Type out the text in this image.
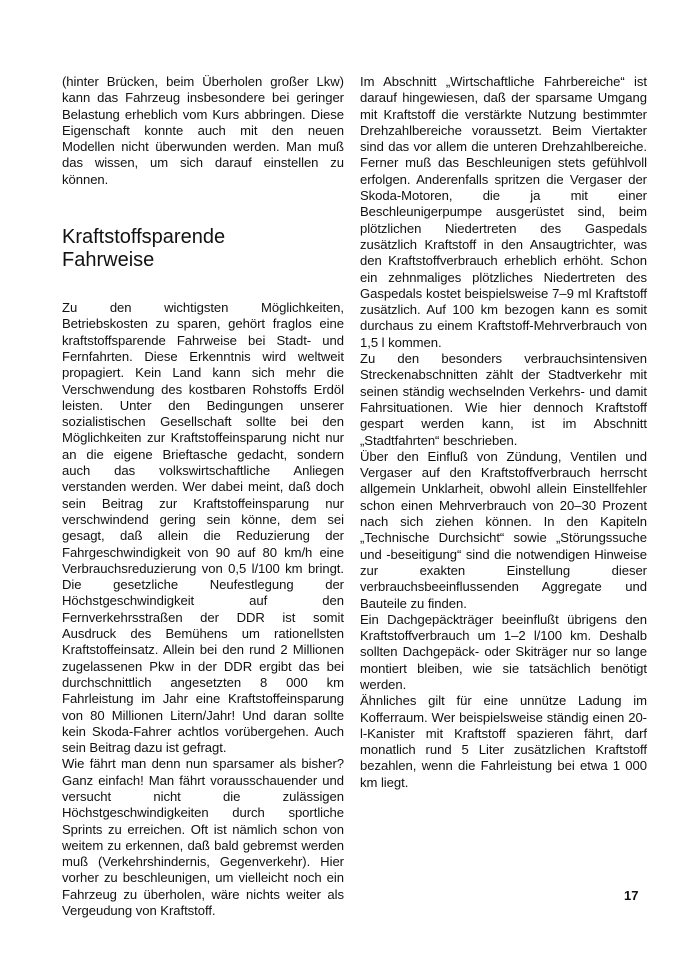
(hinter Brücken, beim Überholen großer Lkw) kann das Fahrzeug insbesondere bei geringer Belastung erheblich vom Kurs abbringen. Diese Eigenschaft konnte auch mit den neuen Modellen nicht überwunden werden. Man muß das wissen, um sich darauf einstellen zu können.

Kraftstoffsparende
Fahrweise

Zu den wichtigsten Möglichkeiten, Betriebskosten zu sparen, gehört fraglos eine kraftstoffsparende Fahrweise bei Stadt- und Fernfahrten. Diese Erkenntnis wird weltweit propagiert. Kein Land kann sich mehr die Verschwendung des kostbaren Rohstoffs Erdöl leisten. Unter den Bedingungen unserer sozialistischen Gesellschaft sollte bei den Möglichkeiten zur Kraftstoffeinsparung nicht nur an die eigene Brieftasche gedacht, sondern auch das volkswirtschaftliche Anliegen verstanden werden. Wer dabei meint, daß doch sein Beitrag zur Kraftstoffeinsparung nur verschwindend gering sein könne, dem sei gesagt, daß allein die Reduzierung der Fahrgeschwindigkeit von 90 auf 80 km/h eine Verbrauchsreduzierung von 0,5 l/100 km bringt. Die gesetzliche Neufestlegung der Höchstgeschwindigkeit auf den Fernverkehrsstraßen der DDR ist somit Ausdruck des Bemühens um rationellsten Kraftstoffeinsatz. Allein bei den rund 2 Millionen zugelassenen Pkw in der DDR ergibt das bei durchschnittlich angesetzten 8 000 km Fahrleistung im Jahr eine Kraftstoffeinsparung von 80 Millionen Litern/Jahr! Und daran sollte kein Skoda-Fahrer achtlos vorübergehen. Auch sein Beitrag dazu ist gefragt.

Wie fährt man denn nun sparsamer als bisher? Ganz einfach! Man fährt vorausschauender und versucht nicht die zulässigen Höchstgeschwindigkeiten durch sportliche Sprints zu erreichen. Oft ist nämlich schon von weitem zu erkennen, daß bald gebremst werden muß (Verkehrshindernis, Gegenverkehr). Hier vorher zu beschleunigen, um vielleicht noch ein Fahrzeug zu überholen, wäre nichts weiter als Vergeudung von Kraftstoff.

Im Abschnitt „Wirtschaftliche Fahrbereiche“ ist darauf hingewiesen, daß der sparsame Umgang mit Kraftstoff die verstärkte Nutzung bestimmter Drehzahlbereiche voraussetzt. Beim Viertakter sind das vor allem die unteren Drehzahlbereiche. Ferner muß das Beschleunigen stets gefühlvoll erfolgen. Anderenfalls spritzen die Vergaser der Skoda-Motoren, die ja mit einer Beschleunigerpumpe ausgerüstet sind, beim plötzlichen Niedertreten des Gaspedals zusätzlich Kraftstoff in den Ansaugtrichter, was den Kraftstoffverbrauch erheblich erhöht. Schon ein zehnmaliges plötzliches Niedertreten des Gaspedals kostet beispielsweise 7–9 ml Kraftstoff zusätzlich. Auf 100 km bezogen kann es somit durchaus zu einem Kraftstoff-Mehrverbrauch von 1,5 l kommen.

Zu den besonders verbrauchsintensiven Streckenabschnitten zählt der Stadtverkehr mit seinen ständig wechselnden Verkehrs- und damit Fahrsituationen. Wie hier dennoch Kraftstoff gespart werden kann, ist im Abschnitt „Stadtfahrten“ beschrieben.

Über den Einfluß von Zündung, Ventilen und Vergaser auf den Kraftstoffverbrauch herrscht allgemein Unklarheit, obwohl allein Einstellfehler schon einen Mehrverbrauch von 20–30 Prozent nach sich ziehen können. In den Kapiteln „Technische Durchsicht“ sowie „Störungssuche und -beseitigung“ sind die notwendigen Hinweise zur exakten Einstellung dieser verbrauchsbeeinflussenden Aggregate und Bauteile zu finden.

Ein Dachgepäckträger beeinflußt übrigens den Kraftstoffverbrauch um 1–2 l/100 km. Deshalb sollten Dachgepäck- oder Skiträger nur so lange montiert bleiben, wie sie tatsächlich benötigt werden.

Ähnliches gilt für eine unnütze Ladung im Kofferraum. Wer beispielsweise ständig einen 20-l-Kanister mit Kraftstoff spazieren fährt, darf monatlich rund 5 Liter zusätzlichen Kraftstoff bezahlen, wenn die Fahrleistung bei etwa 1 000 km liegt.

17
